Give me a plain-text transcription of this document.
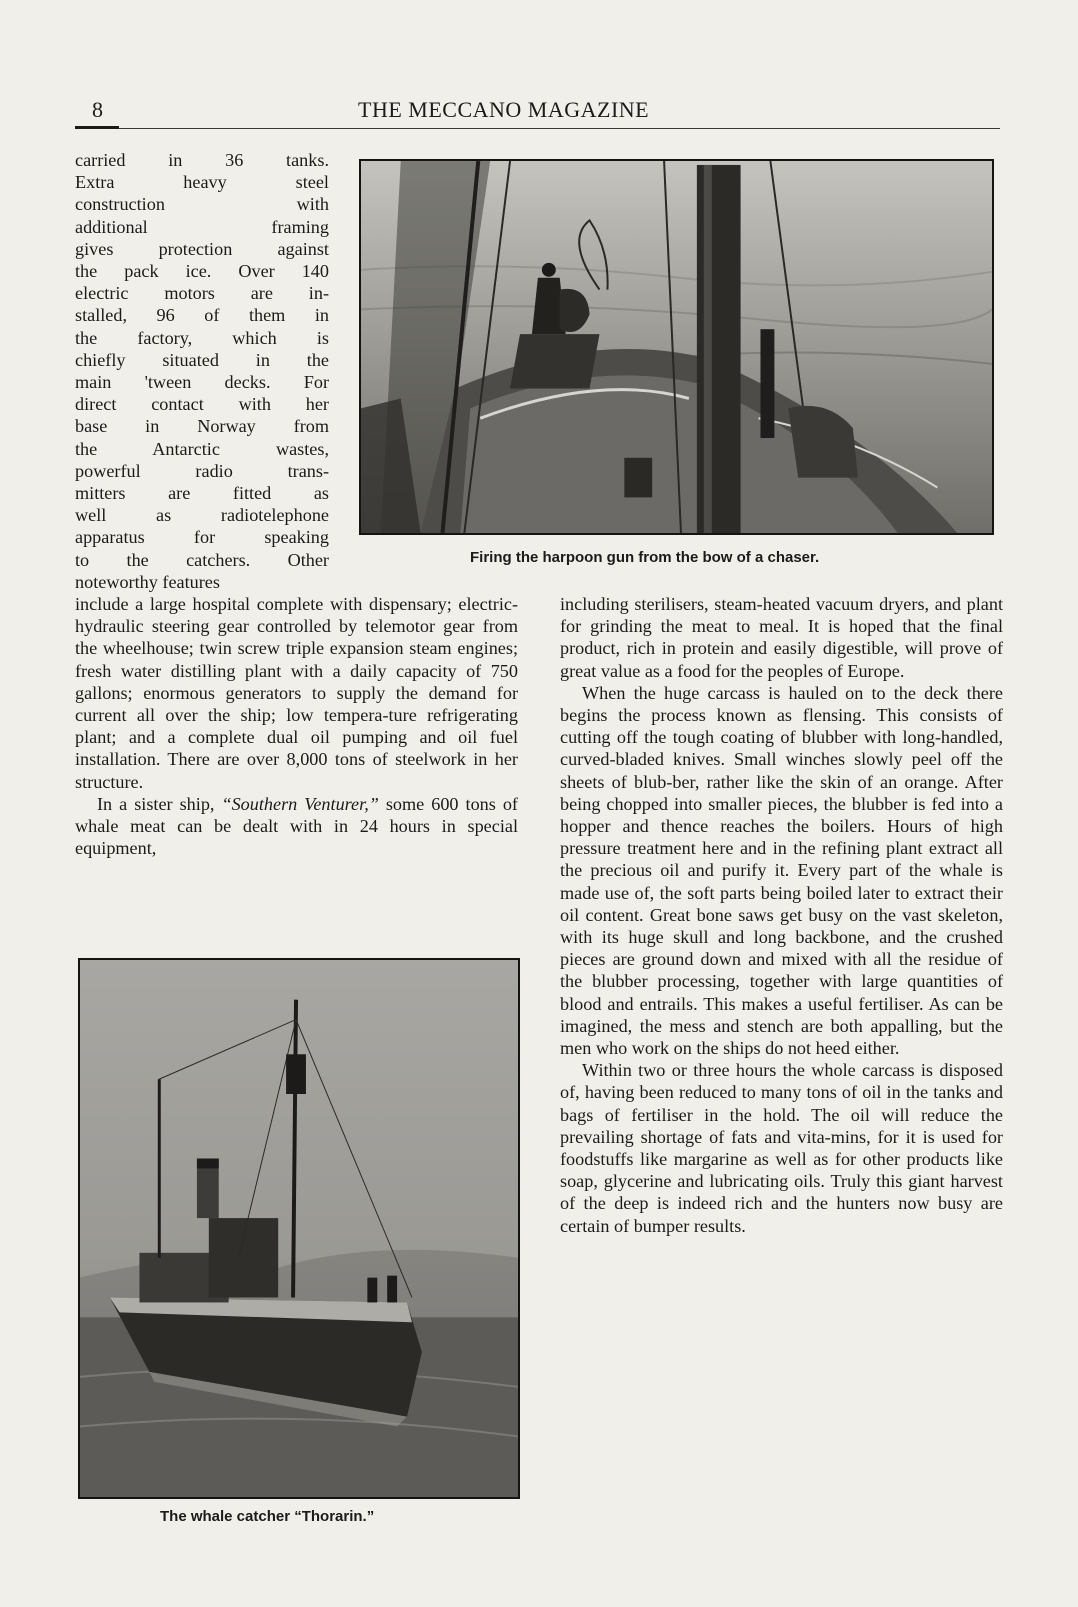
8	THE MECCANO MAGAZINE

carried in 36 tanks.

Extra heavy steel

construction with

additional framing

gives protection against

the pack ice. Over 140

electric motors are in-

stalled, 96 of them in

the factory, which is

chiefly situated in the

main 'tween decks. For

direct contact with her

base in Norway from

the Antarctic wastes,

powerful radio trans-

mitters are fitted as

well as radiotelephone

apparatus for speaking

to the catchers. Other

noteworthy features

Firing the harpoon gun from the bow of a chaser.

include a large hospital complete with dispensary; electric-hydraulic steering gear controlled by telemotor gear from the wheelhouse; twin screw triple expansion steam engines; fresh water distilling plant with a daily capacity of 750 gallons; enormous generators to supply the demand for current all over the ship; low tempera-ture refrigerating plant; and a complete dual oil pumping and oil fuel installation. There are over 8,000 tons of steelwork in her structure.

In a sister ship, “Southern Venturer,” some 600 tons of whale meat can be dealt with in 24 hours in special equipment,

The whale catcher “Thorarin.”

including sterilisers, steam-heated vacuum dryers, and plant for grinding the meat to meal. It is hoped that the final product, rich in protein and easily digestible, will prove of great value as a food for the peoples of Europe.

When the huge carcass is hauled on to the deck there begins the process known as flensing. This consists of cutting off the tough coating of blubber with long-handled, curved-bladed knives. Small winches slowly peel off the sheets of blub-ber, rather like the skin of an orange. After being chopped into smaller pieces, the blubber is fed into a hopper and thence reaches the boilers. Hours of high pressure treatment here and in the refining plant extract all the precious oil and purify it. Every part of the whale is made use of, the soft parts being boiled later to extract their oil content. Great bone saws get busy on the vast skeleton, with its huge skull and long backbone, and the crushed pieces are ground down and mixed with all the residue of the blubber processing, together with large quantities of blood and entrails. This makes a useful fertiliser. As can be imagined, the mess and stench are both appalling, but the men who work on the ships do not heed either.

Within two or three hours the whole carcass is disposed of, having been reduced to many tons of oil in the tanks and bags of fertiliser in the hold. The oil will reduce the prevailing shortage of fats and vita-mins, for it is used for foodstuffs like margarine as well as for other products like soap, glycerine and lubricating oils. Truly this giant harvest of the deep is indeed rich and the hunters now busy are certain of bumper results.
